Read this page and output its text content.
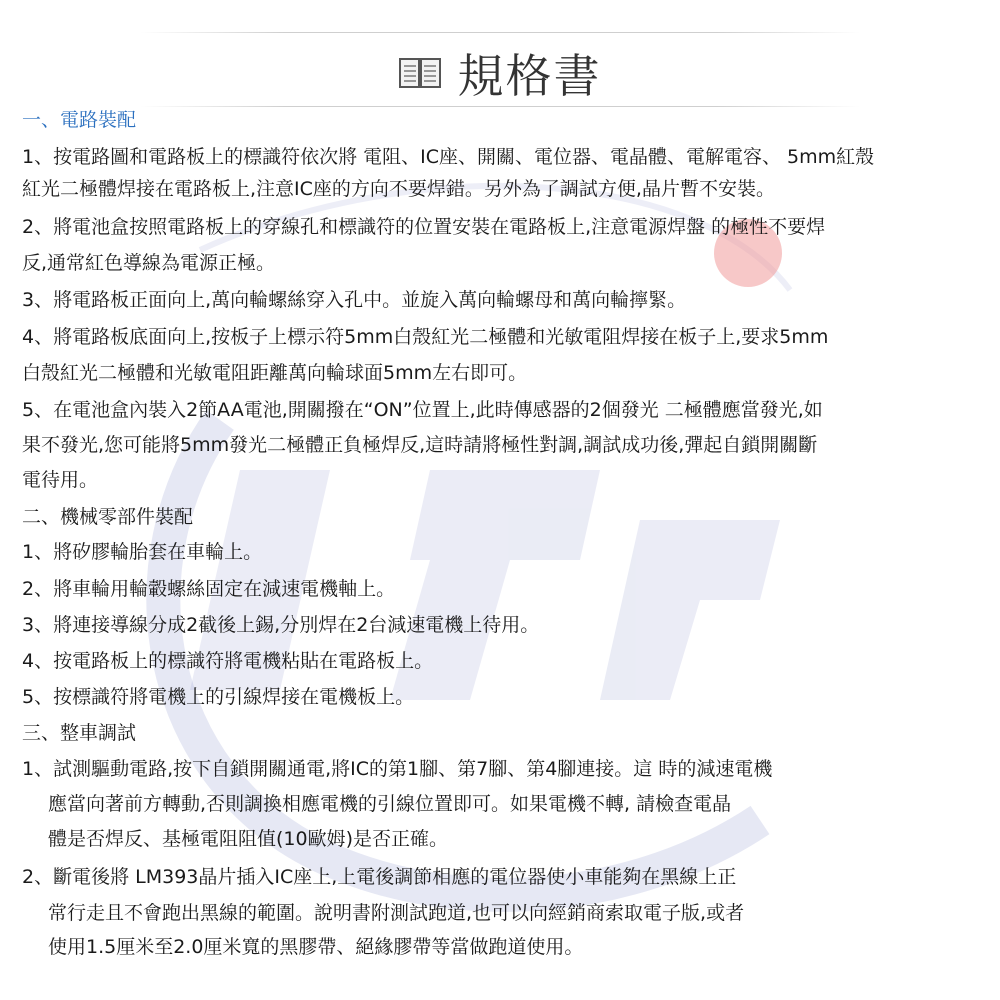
規格書
一、電路裝配
1、按電路圖和電路板上的標識符依次將 電阻、IC座、開關、電位器、電晶體、電解電容、 5mm紅殼
紅光二極體焊接在電路板上,注意IC座的方向不要焊錯。另外為了調試方便,晶片暫不安裝。
2、將電池盒按照電路板上的穿線孔和標識符的位置安裝在電路板上,注意電源焊盤 的極性不要焊
反,通常紅色導線為電源正極。
3、將電路板正面向上,萬向輪螺絲穿入孔中。並旋入萬向輪螺母和萬向輪擰緊。
4、將電路板底面向上,按板子上標示符5mm白殼紅光二極體和光敏電阻焊接在板子上,要求5mm
白殼紅光二極體和光敏電阻距離萬向輪球面5mm左右即可。
5、在電池盒內裝入2節AA電池,開關撥在“ON”位置上,此時傳感器的2個發光 二極體應當發光,如
果不發光,您可能將5mm發光二極體正負極焊反,這時請將極性對調,調試成功後,彈起自鎖開關斷
電待用。
二、機械零部件裝配
1、將矽膠輪胎套在車輪上。
2、將車輪用輪轂螺絲固定在減速電機軸上。
3、將連接導線分成2截後上錫,分別焊在2台減速電機上待用。
4、按電路板上的標識符將電機粘貼在電路板上。
5、按標識符將電機上的引線焊接在電機板上。
三、整車調試
1、試測驅動電路,按下自鎖開關通電,將IC的第1腳、第7腳、第4腳連接。這 時的減速電機
應當向著前方轉動,否則調換相應電機的引線位置即可。如果電機不轉, 請檢查電晶
體是否焊反、基極電阻阻值(10歐姆)是否正確。
2、斷電後將 LM393晶片插入IC座上,上電後調節相應的電位器使小車能夠在黑線上正
常行走且不會跑出黑線的範圍。說明書附測試跑道,也可以向經銷商索取電子版,或者
使用1.5厘米至2.0厘米寬的黑膠帶、絕緣膠帶等當做跑道使用。
